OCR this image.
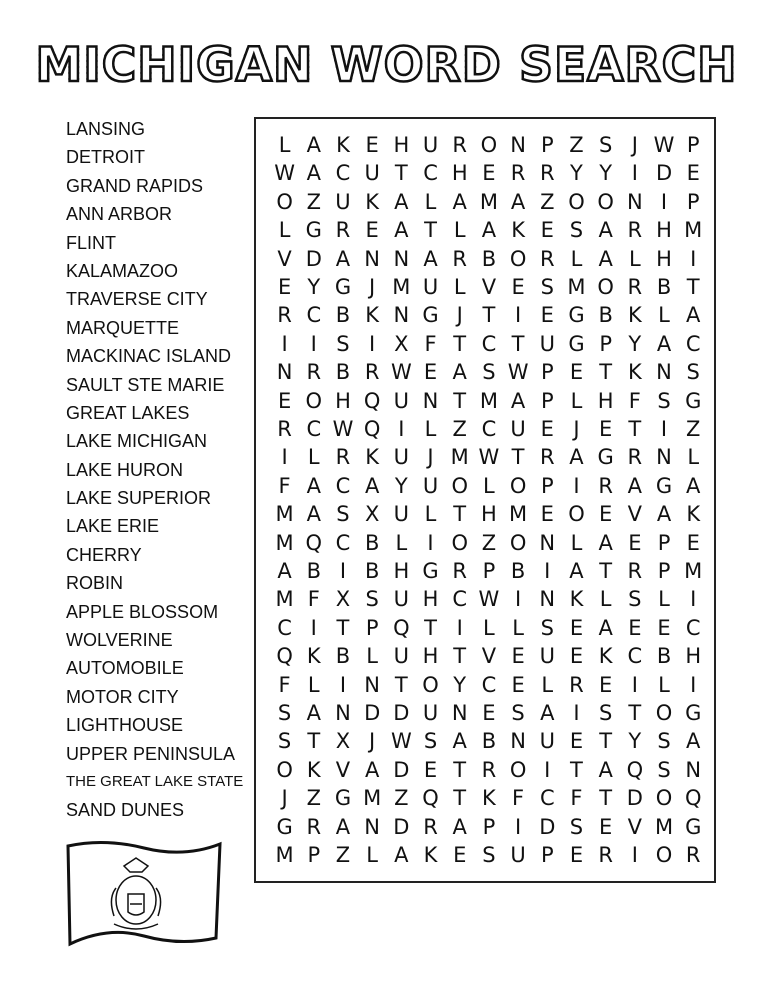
MICHIGAN WORD SEARCH
LANSING
DETROIT
GRAND RAPIDS
ANN ARBOR
FLINT
KALAMAZOO
TRAVERSE CITY
MARQUETTE
MACKINAC ISLAND
SAULT STE MARIE
GREAT LAKES
LAKE MICHIGAN
LAKE HURON
LAKE SUPERIOR
LAKE ERIE
CHERRY
ROBIN
APPLE BLOSSOM
WOLVERINE
AUTOMOBILE
MOTOR CITY
LIGHTHOUSE
UPPER PENINSULA
THE GREAT LAKE STATE
SAND DUNES
L A K E H U R O N P Z S J W P
W A C U T C H E R R Y Y I D E
O Z U K A L A M A Z O O N I P
L G R E A T L A K E S A R H M
V D A N N A R B O R L A L H I
E Y G J M U L V E S M O R B T
R C B K N G J T I E G B K L A
I	I S I X F T C T U G P Y A C
N R B R W E A S W P E T K N S
E O H Q U N T M A P L H F S G
R C W Q I L Z C U E J E T I Z
I L R K U J M W T R A G R N L
F A C A Y U O L O P I R A G A
M A S X U L T H M E O E V A K
M Q C B L I O Z O N L A E P E
A B I B H G R P B I A T R P M
M F X S U H C W I N K L S L I
C I T P Q T I L L S E A E E C
Q K B L U H T V E U E K C B H
F L I N T O Y C E L R E I L I
S A N D D U N E S A I S T O G
S T X J W S A B N U E T Y S A
O K V A D E T R O I T A Q S N
J Z G M Z Q T K F C F T D O Q
G R A N D R A P I D S E V M G
M P Z L A K E S U P E R I O R
